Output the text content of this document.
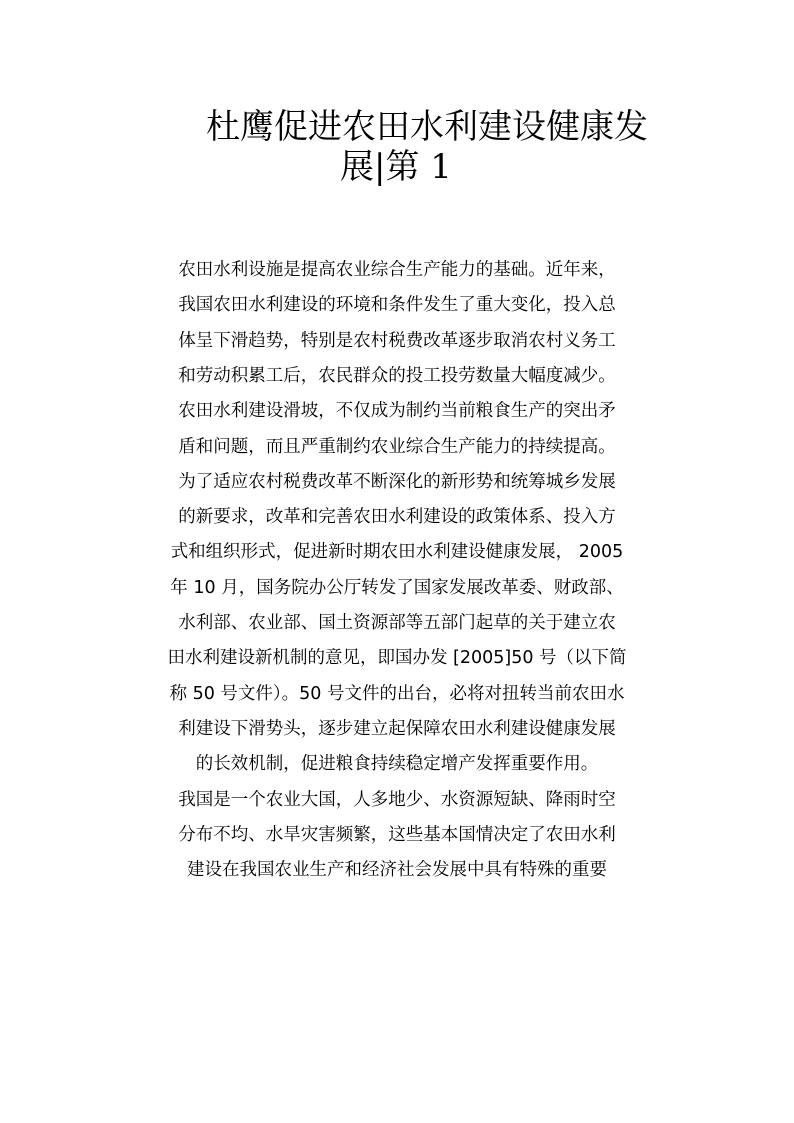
杜鹰促进农田水利建设健康发
展|第 1
农田水利设施是提高农业综合生产能力的基础。近年来，
我国农田水利建设的环境和条件发生了重大变化，投入总
体呈下滑趋势，特别是农村税费改革逐步取消农村义务工
和劳动积累工后，农民群众的投工投劳数量大幅度减少。
农田水利建设滑坡，不仅成为制约当前粮食生产的突出矛
盾和问题，而且严重制约农业综合生产能力的持续提高。
为了适应农村税费改革不断深化的新形势和统筹城乡发展
的新要求，改革和完善农田水利建设的政策体系、投入方
式和组织形式，促进新时期农田水利建设健康发展， 2005
年 10 月，国务院办公厅转发了国家发展改革委、财政部、
水利部、农业部、国土资源部等五部门起草的关于建立农
田水利建设新机制的意见，即国办发 [2005]50 号（以下简
称 50 号文件）。50 号文件的出台，必将对扭转当前农田水
利建设下滑势头，逐步建立起保障农田水利建设健康发展
的长效机制，促进粮食持续稳定增产发挥重要作用。
我国是一个农业大国，人多地少、水资源短缺、降雨时空
分布不均、水旱灾害频繁，这些基本国情决定了农田水利
建设在我国农业生产和经济社会发展中具有特殊的重要
